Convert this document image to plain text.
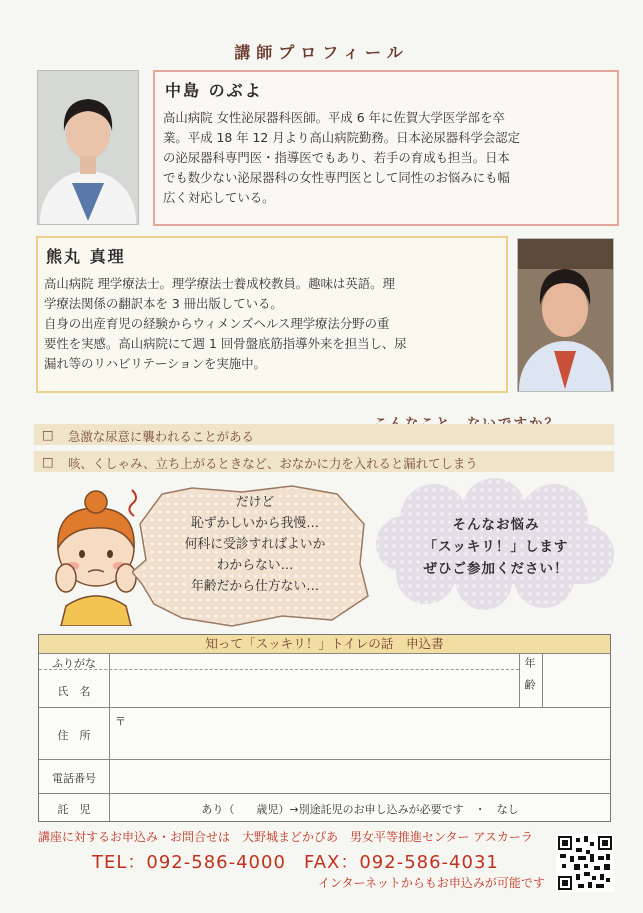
講師プロフィール
中島 のぶよ
高山病院 女性泌尿器科医師。平成 6 年に佐賀大学医学部を卒
業。平成 18 年 12 月より高山病院勤務。日本泌尿器科学会認定
の泌尿器科専門医・指導医でもあり、若手の育成も担当。日本
でも数少ない泌尿器科の女性専門医として同性のお悩みにも幅
広く対応している。
熊丸 真理
高山病院 理学療法士。理学療法士養成校教員。趣味は英語。理
学療法関係の翻訳本を 3 冊出版している。
自身の出産育児の経験からウィメンズヘルス理学療法分野の重
要性を実感。高山病院にて週 1 回骨盤底筋指導外来を担当し、尿
漏れ等のリハビリテーションを実施中。
□ 急激な尿意に襲われることがある
□ 咳、くしゃみ、立ち上がるときなど、おなかに力を入れると漏れてしまう
だけど
恥ずかしいから我慢…
何科に受診すればよいか
わからない…
年齢だから仕方ない…
そんなお悩み
「スッキリ！」します
ぜひご参加ください！
知って「スッキリ！」トイレの話　申込書
ふりがな
氏　名
年　齢
住　所
〒
電話番号
託　児	あり（　　歳児）→別途託児のお申し込みが必要です　・　なし
講座に対するお申込み・お問合せは　大野城まどかぴあ　男女平等推進センター アスカーラ
TEL：092-586-4000 FAX：092-586-4031
インターネットからもお申込みが可能です
